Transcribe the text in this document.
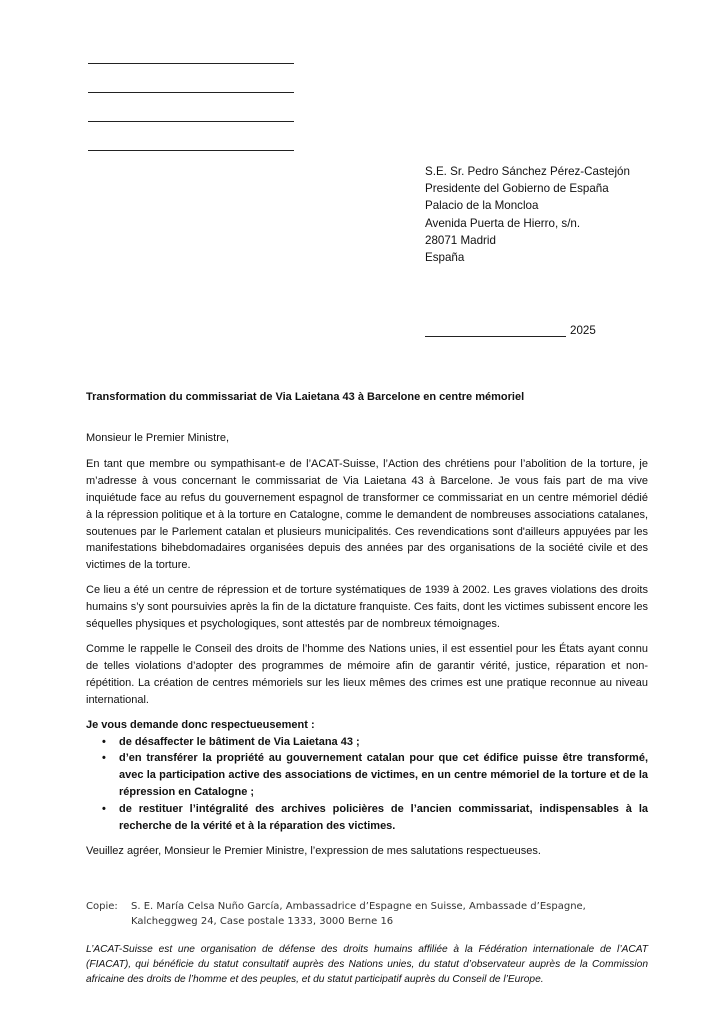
S.E. Sr. Pedro Sánchez Pérez-Castejón
Presidente del Gobierno de España
Palacio de la Moncloa
Avenida Puerta de Hierro, s/n.
28071 Madrid
España
2025
Transformation du commissariat de Via Laietana 43 à Barcelone en centre mémoriel

Monsieur le Premier Ministre,

En tant que membre ou sympathisant-e de l’ACAT-Suisse, l’Action des chrétiens pour l’abolition de la torture, je m’adresse à vous concernant le commissariat de Via Laietana 43 à Barcelone. Je vous fais part de ma vive inquiétude face au refus du gouvernement espagnol de transformer ce commissariat en un centre mémoriel dédié à la répression politique et à la torture en Catalogne, comme le demandent de nombreuses associations catalanes, soutenues par le Parlement catalan et plusieurs municipalités. Ces revendications sont d'ailleurs appuyées par les manifestations bihebdomadaires organisées depuis des années par des organisations de la société civile et des victimes de la torture.

Ce lieu a été un centre de répression et de torture systématiques de 1939 à 2002. Les graves violations des droits humains s’y sont poursuivies après la fin de la dictature franquiste. Ces faits, dont les victimes subissent encore les séquelles physiques et psychologiques, sont attestés par de nombreux témoignages.

Comme le rappelle le Conseil des droits de l’homme des Nations unies, il est essentiel pour les États ayant connu de telles violations d’adopter des programmes de mémoire afin de garantir vérité, justice, réparation et non-répétition. La création de centres mémoriels sur les lieux mêmes des crimes est une pratique reconnue au niveau international.

Je vous demande donc respectueusement :

• de désaffecter le bâtiment de Via Laietana 43 ;
• d’en transférer la propriété au gouvernement catalan pour que cet édifice puisse être transformé, avec la participation active des associations de victimes, en un centre mémoriel de la torture et de la répression en Catalogne ;
• de restituer l’intégralité des archives policières de l’ancien commissariat, indispensables à la recherche de la vérité et à la réparation des victimes.

Veuillez agréer, Monsieur le Premier Ministre, l’expression de mes salutations respectueuses.

Copie:	S. E. María Celsa Nuño García, Ambassadrice d’Espagne en Suisse, Ambassade d’Espagne, Kalcheggweg 24, Case postale 1333, 3000 Berne 16
L’ACAT-Suisse est une organisation de défense des droits humains affiliée à la Fédération internationale de l’ACAT (FIACAT), qui bénéficie du statut consultatif auprès des Nations unies, du statut d’observateur auprès de la Commission africaine des droits de l’homme et des peuples, et du statut participatif auprès du Conseil de l’Europe.
